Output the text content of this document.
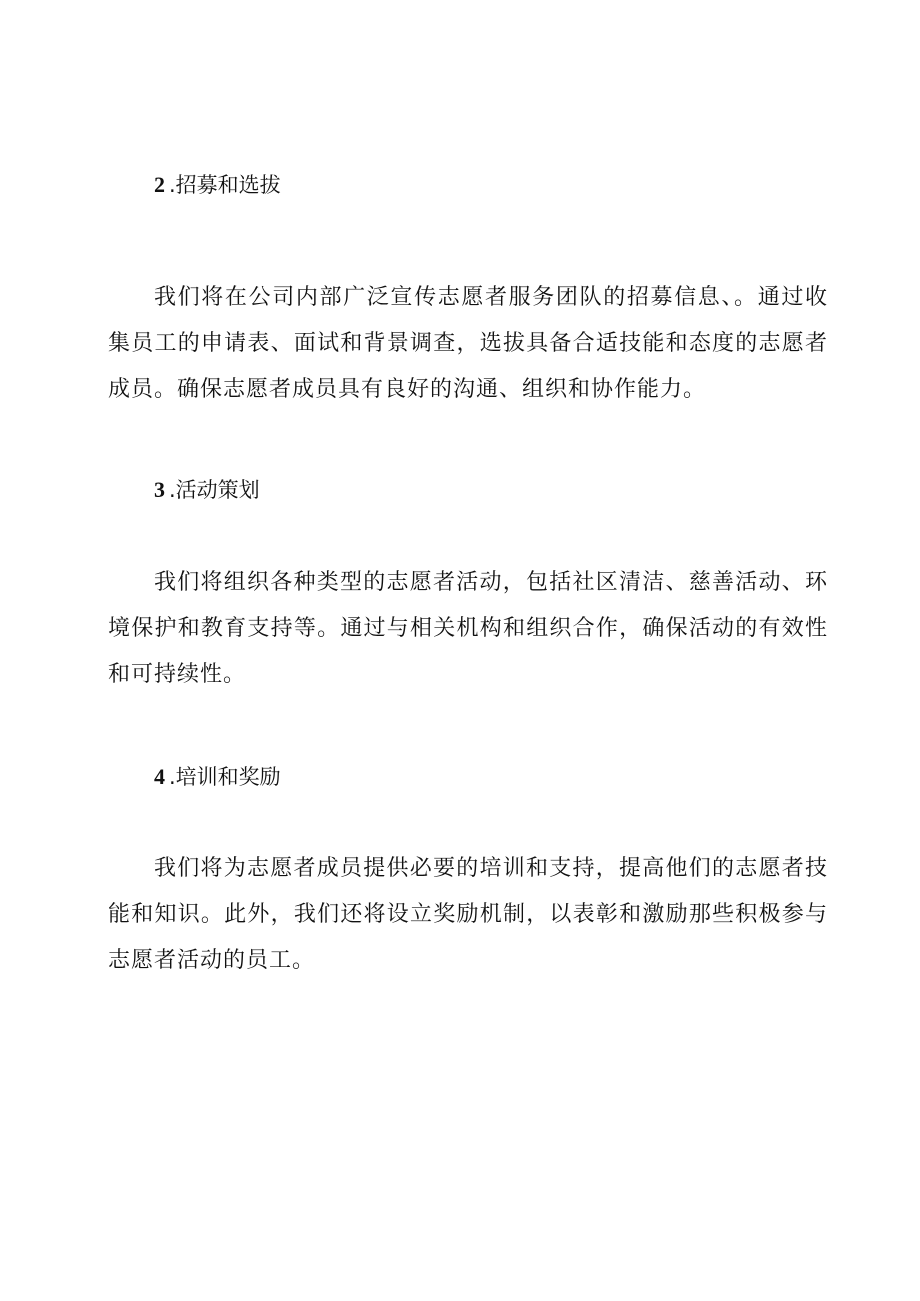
2 .招募和选拔

我们将在公司内部广泛宣传志愿者服务团队的招募信息、。通过收集员工的申请表、面试和背景调查，选拔具备合适技能和态度的志愿者成员。确保志愿者成员具有良好的沟通、组织和协作能力。

3 .活动策划

我们将组织各种类型的志愿者活动，包括社区清洁、慈善活动、环境保护和教育支持等。通过与相关机构和组织合作，确保活动的有效性和可持续性。

4 .培训和奖励

我们将为志愿者成员提供必要的培训和支持，提高他们的志愿者技能和知识。此外，我们还将设立奖励机制，以表彰和激励那些积极参与志愿者活动的员工。
